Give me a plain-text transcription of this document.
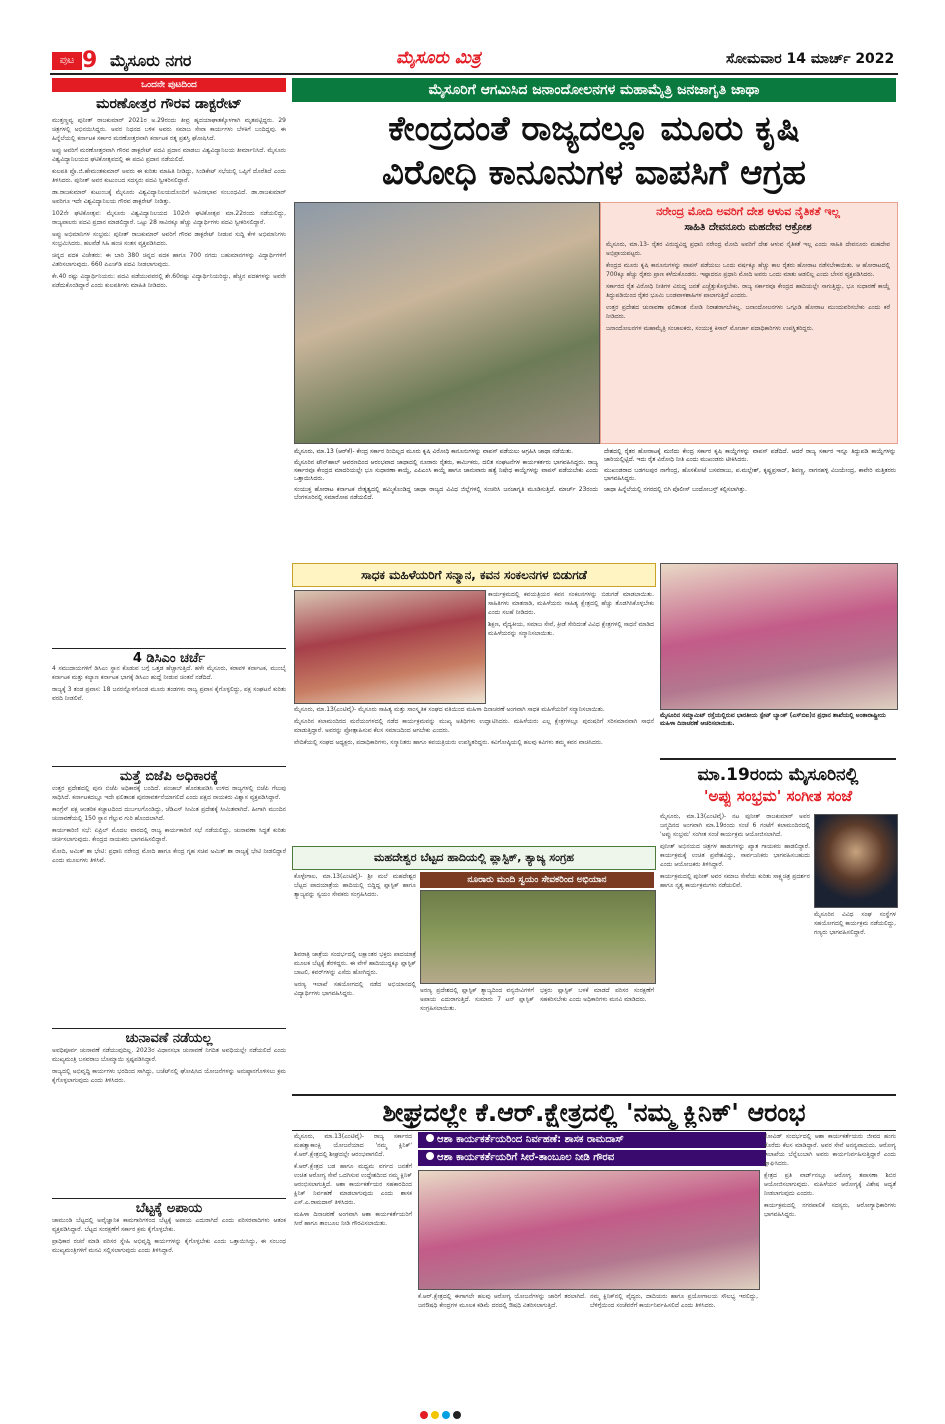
ಪುಟ 9 ಮೈಸೂರು ನಗರ	ಮೈಸೂರು ಮಿತ್ರ	ಸೋಮವಾರ 14 ಮಾರ್ಚ್ 2022
ಒಂದನೇ ಪುಟದಿಂದ
ಮರಣೋತ್ತರ ಗೌರವ ಡಾಕ್ಟರೇಟ್

ಮುತ್ತಣ್ಣವ್ವ ಪುನೀತ್ ರಾಜಕುಮಾರ್ 2021ರ ಅ.29ರಂದು ತೀವ್ರ ಹೃದಯಾಘಾತಕ್ಕೊಳಗಾಗಿ ಮೃತಪಟ್ಟಿದ್ದರು. 29 ಚಿತ್ರಗಳಲ್ಲಿ ಅಭಿನಯಿಸಿದ್ದರು. ಅವರ ನಿಧನದ ಬಳಿಕ ಅವರು ಸಮಾಜ ಸೇವಾ ಕಾರ್ಯಗಳು ಬೆಳಕಿಗೆ ಬಂದಿದ್ದವು. ಈ ಹಿನ್ನೆಲೆಯಲ್ಲಿ ಕರ್ನಾಟಕ ಸರ್ಕಾರ ಮರಣೋತ್ತರವಾಗಿ ಕರ್ನಾಟಕ ರತ್ನ ಪ್ರಶಸ್ತಿ ಘೋಷಿಸಿದೆ.

ಅಪ್ಪು ಅವರಿಗೆ ಮರಣೋತ್ತರವಾಗಿ ಗೌರವ ಡಾಕ್ಟರೇಟ್ ಪದವಿ ಪ್ರದಾನ ಮಾಡಲು ವಿಶ್ವವಿದ್ಯಾನಿಲಯ ತೀರ್ಮಾನಿಸಿದೆ. ಮೈಸೂರು ವಿಶ್ವವಿದ್ಯಾನಿಲಯದ ಘಟಿಕೋತ್ಸವದಲ್ಲಿ ಈ ಪದವಿ ಪ್ರದಾನ ನಡೆಯಲಿದೆ.

ಕುಲಪತಿ ಪ್ರೊ.ಜಿ.ಹೇಮಂತಕುಮಾರ್ ಅವರು ಈ ಕುರಿತು ಮಾಹಿತಿ ನೀಡಿದ್ದು, ಸಿಂಡಿಕೇಟ್ ಸಭೆಯಲ್ಲಿ ಒಪ್ಪಿಗೆ ದೊರೆತಿದೆ ಎಂದು ತಿಳಿಸಿದರು. ಪುನೀತ್ ಅವರ ಕುಟುಂಬದ ಸದಸ್ಯರು ಪದವಿ ಸ್ವೀಕರಿಸಲಿದ್ದಾರೆ.

ಡಾ.ರಾಜಕುಮಾರ್ ಕುಟುಂಬಕ್ಕೆ ಮೈಸೂರು ವಿಶ್ವವಿದ್ಯಾನಿಲಯದೊಂದಿಗೆ ಅವಿನಾಭಾವ ಸಂಬಂಧವಿದೆ. ಡಾ.ರಾಜಕುಮಾರ್ ಅವರಿಗೂ ಇದೇ ವಿಶ್ವವಿದ್ಯಾನಿಲಯ ಗೌರವ ಡಾಕ್ಟರೇಟ್ ನೀಡಿತ್ತು.

102ನೇ ಘಟಿಕೋತ್ಸವ: ಮೈಸೂರು ವಿಶ್ವವಿದ್ಯಾನಿಲಯದ 102ನೇ ಘಟಿಕೋತ್ಸವ ಮಾ.22ರಂದು ನಡೆಯಲಿದ್ದು, ರಾಜ್ಯಪಾಲರು ಪದವಿ ಪ್ರದಾನ ಮಾಡಲಿದ್ದಾರೆ. ಒಟ್ಟು 28 ಸಾವಿರಕ್ಕೂ ಹೆಚ್ಚು ವಿದ್ಯಾರ್ಥಿಗಳು ಪದವಿ ಸ್ವೀಕರಿಸಲಿದ್ದಾರೆ.

ಅಪ್ಪು ಅಭಿಮಾನಿಗಳ ಸಂಭ್ರಮ: ಪುನೀತ್ ರಾಜಕುಮಾರ್ ಅವರಿಗೆ ಗೌರವ ಡಾಕ್ಟರೇಟ್ ನೀಡುವ ಸುದ್ದಿ ಕೇಳಿ ಅಭಿಮಾನಿಗಳು ಸಂಭ್ರಮಿಸಿದರು. ಹಲವೆಡೆ ಸಿಹಿ ಹಂಚಿ ಸಂತಸ ವ್ಯಕ್ತಪಡಿಸಿದರು.

ಚಿನ್ನದ ಪದಕ ವಿಜೇತರು: ಈ ಬಾರಿ 380 ಚಿನ್ನದ ಪದಕ ಹಾಗೂ 700 ನಗದು ಬಹುಮಾನಗಳನ್ನು ವಿದ್ಯಾರ್ಥಿಗಳಿಗೆ ವಿತರಿಸಲಾಗುವುದು. 660 ಪಿಎಚ್‌ಡಿ ಪದವಿ ನೀಡಲಾಗುವುದು.

ಕೇ.40 ರಷ್ಟು ವಿದ್ಯಾರ್ಥಿನಿಯರು: ಪದವಿ ಪಡೆಯುವವರಲ್ಲಿ ಶೇ.60ರಷ್ಟು ವಿದ್ಯಾರ್ಥಿನಿಯರಿದ್ದು, ಹೆಚ್ಚಿನ ಪದಕಗಳನ್ನು ಅವರೇ ಪಡೆದುಕೊಂಡಿದ್ದಾರೆ ಎಂದು ಕುಲಪತಿಗಳು ಮಾಹಿತಿ ನೀಡಿದರು.

4 ಡಿಸಿಎಂ ಚರ್ಚೆ

4 ಸಮುದಾಯಗಳಿಗೆ ಡಿಸಿಎಂ ಸ್ಥಾನ ಕೊಡುವ ಬಗ್ಗೆ ಒತ್ತಡ ಹೆಚ್ಚಾಗುತ್ತಿದೆ. ಹಳೇ ಮೈಸೂರು, ಕರಾವಳಿ ಕರ್ನಾಟಕ, ಮುಂಬೈ ಕರ್ನಾಟಕ ಮತ್ತು ಕಲ್ಯಾಣ ಕರ್ನಾಟಕ ಭಾಗಕ್ಕೆ ಡಿಸಿಎಂ ಹುದ್ದೆ ನೀಡುವ ಚಿಂತನೆ ನಡೆದಿದೆ.

ರಾಜ್ಯಕ್ಕೆ 3 ತಂಡ ಪ್ರವಾಸ: 18 ಜನರನ್ನೊಳಗೊಂಡ ಮೂರು ತಂಡಗಳು ರಾಜ್ಯ ಪ್ರವಾಸ ಕೈಗೊಳ್ಳಲಿದ್ದು, ಪಕ್ಷ ಸಂಘಟನೆ ಕುರಿತು ವರದಿ ನೀಡಲಿವೆ.

ಮತ್ತೆ ಬಿಜೆಪಿ ಅಧಿಕಾರಕ್ಕೆ

ಉತ್ತರ ಪ್ರದೇಶದಲ್ಲಿ ಪುನಃ ಬಿಜೆಪಿ ಅಧಿಕಾರಕ್ಕೆ ಬಂದಿದೆ. ಪಂಜಾಬ್ ಹೊರತುಪಡಿಸಿ ಉಳಿದ ರಾಜ್ಯಗಳಲ್ಲಿ ಬಿಜೆಪಿ ಗೆಲುವು ಸಾಧಿಸಿದೆ. ಕರ್ನಾಟಕದಲ್ಲೂ ಇದೇ ಫಲಿತಾಂಶ ಪುನರಾವರ್ತನೆಯಾಗಲಿದೆ ಎಂದು ಪಕ್ಷದ ನಾಯಕರು ವಿಶ್ವಾಸ ವ್ಯಕ್ತಪಡಿಸಿದ್ದಾರೆ.

ಕಾಂಗ್ರೆಸ್ ಪಕ್ಷ ಆಂತರಿಕ ಕಚ್ಚಾಟದಿಂದ ದುರ್ಬಲಗೊಂಡಿದ್ದು, ಜೆಡಿಎಸ್ ಸೀಮಿತ ಪ್ರದೇಶಕ್ಕೆ ಸೀಮಿತವಾಗಿದೆ. ಹೀಗಾಗಿ ಮುಂದಿನ ಚುನಾವಣೆಯಲ್ಲಿ 150 ಸ್ಥಾನ ಗೆಲ್ಲುವ ಗುರಿ ಹೊಂದಲಾಗಿದೆ.

ಕಾರ್ಯಕಾರಿಣಿ ಸಭೆ: ಏಪ್ರಿಲ್ ಮೊದಲ ವಾರದಲ್ಲಿ ರಾಜ್ಯ ಕಾರ್ಯಕಾರಿಣಿ ಸಭೆ ನಡೆಯಲಿದ್ದು, ಚುನಾವಣಾ ಸಿದ್ಧತೆ ಕುರಿತು ಚರ್ಚಿಸಲಾಗುವುದು. ಕೇಂದ್ರದ ನಾಯಕರು ಭಾಗವಹಿಸಲಿದ್ದಾರೆ.

ಮೋದಿ, ಅಮಿತ್ ಶಾ ಭೇಟಿ: ಪ್ರಧಾನಿ ನರೇಂದ್ರ ಮೋದಿ ಹಾಗೂ ಕೇಂದ್ರ ಗೃಹ ಸಚಿವ ಅಮಿತ್ ಶಾ ರಾಜ್ಯಕ್ಕೆ ಭೇಟಿ ನೀಡಲಿದ್ದಾರೆ ಎಂದು ಮೂಲಗಳು ತಿಳಿಸಿವೆ.

ಚುನಾವಣೆ ನಡೆಯಲ್ಲ

ಅವಧಿಪೂರ್ವ ಚುನಾವಣೆ ನಡೆಯುವುದಿಲ್ಲ. 2023ರ ವಿಧಾನಸಭಾ ಚುನಾವಣೆ ನಿಗದಿತ ಅವಧಿಯಲ್ಲೇ ನಡೆಯಲಿದೆ ಎಂದು ಮುಖ್ಯಮಂತ್ರಿ ಬಸವರಾಜ ಬೊಮ್ಮಾಯಿ ಸ್ಪಷ್ಟಪಡಿಸಿದ್ದಾರೆ.

ರಾಜ್ಯದಲ್ಲಿ ಅಭಿವೃದ್ಧಿ ಕಾರ್ಯಗಳು ಭರದಿಂದ ಸಾಗಿದ್ದು, ಬಜೆಟ್‌ನಲ್ಲಿ ಘೋಷಿಸಿದ ಯೋಜನೆಗಳನ್ನು ಅನುಷ್ಠಾನಗೊಳಿಸಲು ಕ್ರಮ ಕೈಗೊಳ್ಳಲಾಗುವುದು ಎಂದು ತಿಳಿಸಿದರು.

ಬೆಟ್ಟಕ್ಕೆ ಅಪಾಯ

ಚಾಮುಂಡಿ ಬೆಟ್ಟದಲ್ಲಿ ಅವೈಜ್ಞಾನಿಕ ಕಾಮಗಾರಿಗಳಿಂದ ಬೆಟ್ಟಕ್ಕೆ ಅಪಾಯ ಎದುರಾಗಿದೆ ಎಂದು ಪರಿಸರವಾದಿಗಳು ಆತಂಕ ವ್ಯಕ್ತಪಡಿಸಿದ್ದಾರೆ. ಬೆಟ್ಟದ ಸಂರಕ್ಷಣೆಗೆ ಸರ್ಕಾರ ಕ್ರಮ ಕೈಗೊಳ್ಳಬೇಕು.

ಪ್ರಾಧಿಕಾರ ರಚನೆ ಮಾಡಿ ಪರಿಸರ ಸ್ನೇಹಿ ಅಭಿವೃದ್ಧಿ ಕಾರ್ಯಗಳನ್ನು ಕೈಗೊಳ್ಳಬೇಕು ಎಂದು ಒತ್ತಾಯಿಸಿದ್ದು, ಈ ಸಂಬಂಧ ಮುಖ್ಯಮಂತ್ರಿಗಳಿಗೆ ಮನವಿ ಸಲ್ಲಿಸಲಾಗುವುದು ಎಂದು ತಿಳಿಸಿದ್ದಾರೆ.

ಮೈಸೂರಿಗೆ ಆಗಮಿಸಿದ ಜನಾಂದೋಲನಗಳ ಮಹಾಮೈತ್ರಿ ಜನಜಾಗೃತಿ ಜಾಥಾ
ಕೇಂದ್ರದಂತೆ ರಾಜ್ಯದಲ್ಲೂ ಮೂರು ಕೃಷಿ
ವಿರೋಧಿ ಕಾನೂನುಗಳ ವಾಪಸಿಗೆ ಆಗ್ರಹ

ಮೈಸೂರು, ಮಾ.13 (ಆರ್‌ಕೆ)- ಕೇಂದ್ರ ಸರ್ಕಾರ ರಿಂದಿಲ್ಲದ ಮೂರು ಕೃಷಿ ವಿರೋಧಿ ಕಾನೂನುಗಳನ್ನು ವಾಪಸ್ ಪಡೆಯಲು ಆಗ್ರಹಿಸಿ ಜಾಥಾ ನಡೆಯಿತು.

ಮೈಸೂರಿನ ಟೌನ್‌ಹಾಲ್ ಆವರಣದಿಂದ ಆರಂಭವಾದ ಜಾಥಾದಲ್ಲಿ ನೂರಾರು ರೈತರು, ಕಾರ್ಮಿಕರು, ದಲಿತ ಸಂಘಟನೆಗಳ ಕಾರ್ಯಕರ್ತರು ಭಾಗವಹಿಸಿದ್ದರು. ರಾಜ್ಯ ಸರ್ಕಾರವೂ ಕೇಂದ್ರದ ಮಾದರಿಯಲ್ಲೇ ಭೂ ಸುಧಾರಣಾ ಕಾಯ್ದೆ, ಎಪಿಎಂಸಿ ಕಾಯ್ದೆ ಹಾಗೂ ಜಾನುವಾರು ಹತ್ಯೆ ನಿಷೇಧ ಕಾಯ್ದೆಗಳನ್ನು ವಾಪಸ್ ಪಡೆಯಬೇಕು ಎಂದು ಒತ್ತಾಯಿಸಿದರು.

ಸಂಯುಕ್ತ ಹೋರಾಟ ಕರ್ನಾಟಕ ನೇತೃತ್ವದಲ್ಲಿ ಹಮ್ಮಿಕೊಂಡಿದ್ದ ಜಾಥಾ ರಾಜ್ಯದ ವಿವಿಧ ಜಿಲ್ಲೆಗಳಲ್ಲಿ ಸಂಚರಿಸಿ ಜನಜಾಗೃತಿ ಮೂಡಿಸುತ್ತಿದೆ. ಮಾರ್ಚ್ 23ರಂದು ಬೆಂಗಳೂರಿನಲ್ಲಿ ಸಮಾರೋಪ ನಡೆಯಲಿದೆ.

ದೇಶದಲ್ಲಿ ರೈತರ ಹೋರಾಟಕ್ಕೆ ಮಣಿದು ಕೇಂದ್ರ ಸರ್ಕಾರ ಕೃಷಿ ಕಾಯ್ದೆಗಳನ್ನು ವಾಪಸ್ ಪಡೆದಿದೆ. ಆದರೆ ರಾಜ್ಯ ಸರ್ಕಾರ ಇನ್ನೂ ತಿದ್ದುಪಡಿ ಕಾಯ್ದೆಗಳನ್ನು ಜಾರಿಯಲ್ಲಿಟ್ಟಿದೆ. ಇದು ರೈತ ವಿರೋಧಿ ನೀತಿ ಎಂದು ಮುಖಂಡರು ಟೀಕಿಸಿದರು.

ಮುಖಂಡರಾದ ಬಡಗಲಪುರ ನಾಗೇಂದ್ರ, ಹೊಸಕೋಟೆ ಬಸವರಾಜು, ಪ.ಮಲ್ಲೇಶ್, ಕೃಷ್ಣಪ್ರಸಾದ್, ಶಿವಣ್ಣ, ನಾಗನಹಳ್ಳಿ ವಿಜಯೇಂದ್ರ, ಕಾವೇರಿ ಮತ್ತಿತರರು ಭಾಗವಹಿಸಿದ್ದರು.

ಜಾಥಾ ಹಿನ್ನೆಲೆಯಲ್ಲಿ ನಗರದಲ್ಲಿ ಬಿಗಿ ಪೊಲೀಸ್ ಬಂದೋಬಸ್ತ್ ಕಲ್ಪಿಸಲಾಗಿತ್ತು.

ನರೇಂದ್ರ ಮೋದಿ ಅವರಿಗೆ ದೇಶ ಆಳುವ ನೈತಿಕತೆ ಇಲ್ಲ
ಸಾಹಿತಿ ದೇವನೂರು ಮಹದೇವ ಆಕ್ರೋಶ

ಮೈಸೂರು, ಮಾ.13- ರೈತರ ವಿರುದ್ಧವಿದ್ದ ಪ್ರಧಾನಿ ನರೇಂದ್ರ ಮೋದಿ ಅವರಿಗೆ ದೇಶ ಆಳುವ ನೈತಿಕತೆ ಇಲ್ಲ ಎಂದು ಸಾಹಿತಿ ದೇವನೂರು ಮಹದೇವ ಅಭಿಪ್ರಾಯಪಟ್ಟರು.

ಕೇಂದ್ರದ ಮೂರು ಕೃಷಿ ಕಾನೂನುಗಳನ್ನು ವಾಪಸ್ ಪಡೆಯಲು ಒಂದು ವರ್ಷಕ್ಕೂ ಹೆಚ್ಚು ಕಾಲ ರೈತರು ಹೋರಾಟ ನಡೆಸಬೇಕಾಯಿತು. ಆ ಹೋರಾಟದಲ್ಲಿ 700ಕ್ಕೂ ಹೆಚ್ಚು ರೈತರು ಪ್ರಾಣ ಕಳೆದುಕೊಂಡರು. ಇಷ್ಟಾದರೂ ಪ್ರಧಾನಿ ಮೋದಿ ಅವರು ಒಂದು ಮಾತು ಆಡಲಿಲ್ಲ ಎಂದು ಬೇಸರ ವ್ಯಕ್ತಪಡಿಸಿದರು.

ಸರ್ಕಾರದ ರೈತ ವಿರೋಧಿ ನೀತಿಗಳ ವಿರುದ್ಧ ಜನತೆ ಎಚ್ಚೆತ್ತುಕೊಳ್ಳಬೇಕು. ರಾಜ್ಯ ಸರ್ಕಾರವೂ ಕೇಂದ್ರದ ಹಾದಿಯಲ್ಲೇ ಸಾಗುತ್ತಿದ್ದು, ಭೂ ಸುಧಾರಣೆ ಕಾಯ್ದೆ ತಿದ್ದುಪಡಿಯಿಂದ ರೈತರ ಭೂಮಿ ಬಂಡವಾಳಶಾಹಿಗಳ ಪಾಲಾಗುತ್ತಿದೆ ಎಂದರು.

ಉತ್ತರ ಪ್ರದೇಶದ ಚುನಾವಣಾ ಫಲಿತಾಂಶ ನೋಡಿ ನಿರಾಶರಾಗಬೇಕಿಲ್ಲ. ಜನಾಂದೋಲನಗಳು ಒಗ್ಗೂಡಿ ಹೋರಾಟ ಮುಂದುವರಿಸಬೇಕು ಎಂದು ಕರೆ ನೀಡಿದರು.

ಜನಾಂದೋಲನಗಳ ಮಹಾಮೈತ್ರಿ ಸಂಚಾಲಕರು, ಸಂಯುಕ್ತ ಕಿಸಾನ್ ಮೋರ್ಚಾ ಪದಾಧಿಕಾರಿಗಳು ಉಪಸ್ಥಿತರಿದ್ದರು.

ಸಾಧಕ ಮಹಿಳೆಯರಿಗೆ ಸನ್ಮಾನ, ಕವನ ಸಂಕಲನಗಳ ಬಿಡುಗಡೆ

ಕಾರ್ಯಕ್ರಮದಲ್ಲಿ ಕವಯತ್ರಿಯರ ಕವನ ಸಂಕಲನಗಳನ್ನು ಬಿಡುಗಡೆ ಮಾಡಲಾಯಿತು. ಸಾಹಿತಿಗಳು ಮಾತನಾಡಿ, ಮಹಿಳೆಯರು ಸಾಹಿತ್ಯ ಕ್ಷೇತ್ರದಲ್ಲಿ ಹೆಚ್ಚು ತೊಡಗಿಸಿಕೊಳ್ಳಬೇಕು ಎಂದು ಸಲಹೆ ನೀಡಿದರು.

ಶಿಕ್ಷಣ, ವೈದ್ಯಕೀಯ, ಸಮಾಜ ಸೇವೆ, ಕ್ರೀಡೆ ಸೇರಿದಂತೆ ವಿವಿಧ ಕ್ಷೇತ್ರಗಳಲ್ಲಿ ಸಾಧನೆ ಮಾಡಿದ ಮಹಿಳೆಯರನ್ನು ಸನ್ಮಾನಿಸಲಾಯಿತು.

ಮೈಸೂರು, ಮಾ.13(ಎಂಟಿವೈ)- ಮೈಸೂರು ಸಾಹಿತ್ಯ ಮತ್ತು ಸಾಂಸ್ಕೃತಿಕ ಸಂಘದ ವತಿಯಿಂದ ಮಹಿಳಾ ದಿನಾಚರಣೆ ಅಂಗವಾಗಿ ಸಾಧಕ ಮಹಿಳೆಯರಿಗೆ ಸನ್ಮಾನಿಸಲಾಯಿತು.

ಮೈಸೂರಿನ ಕಲಾಮಂದಿರದ ಮನೆಯಂಗಳದಲ್ಲಿ ನಡೆದ ಕಾರ್ಯಕ್ರಮವನ್ನು ಮುಖ್ಯ ಅತಿಥಿಗಳು ಉದ್ಘಾಟಿಸಿದರು. ಮಹಿಳೆಯರು ಎಲ್ಲ ಕ್ಷೇತ್ರಗಳಲ್ಲೂ ಪುರುಷರಿಗೆ ಸರಿಸಮಾನವಾಗಿ ಸಾಧನೆ ಮಾಡುತ್ತಿದ್ದಾರೆ. ಅವರನ್ನು ಪ್ರೋತ್ಸಾಹಿಸುವ ಕೆಲಸ ಸಮಾಜದಿಂದ ಆಗಬೇಕು ಎಂದರು.

ವೇದಿಕೆಯಲ್ಲಿ ಸಂಘದ ಅಧ್ಯಕ್ಷರು, ಪದಾಧಿಕಾರಿಗಳು, ಸನ್ಮಾನಿತರು ಹಾಗೂ ಕವಯತ್ರಿಯರು ಉಪಸ್ಥಿತರಿದ್ದರು. ಕವಿಗೋಷ್ಠಿಯಲ್ಲಿ ಹಲವು ಕವಿಗಳು ತಮ್ಮ ಕವನ ವಾಚಿಸಿದರು.

ಮೈಸೂರಿನ ಸಮ್ಮಾಮಿಟ್ ರಸ್ತೆಯಲ್ಲಿರುವ ಭಾರತೀಯ ಸ್ಟೇಟ್ ಬ್ಯಾಂಕ್ (ಎಸ್‌ಬಿಐ)ನ ಪ್ರಧಾನ ಶಾಖೆಯಲ್ಲಿ ಅಂತಾರಾಷ್ಟ್ರೀಯ ಮಹಿಳಾ ದಿನಾಚರಣೆ ಆಚರಿಸಲಾಯಿತು.
ಮಾ.19ರಂದು ಮೈಸೂರಿನಲ್ಲಿ
'ಅಪ್ಪು ಸಂಭ್ರಮ' ಸಂಗೀತ ಸಂಜೆ

ಮೈಸೂರು, ಮಾ.13(ಎಂಟಿವೈ)- ನಟ ಪುನೀತ್ ರಾಜಕುಮಾರ್ ಅವರ ಜನ್ಮದಿನದ ಅಂಗವಾಗಿ ಮಾ.19ರಂದು ಸಂಜೆ 6 ಗಂಟೆಗೆ ಕಲಾಮಂದಿರದಲ್ಲಿ 'ಅಪ್ಪು ಸಂಭ್ರಮ' ಸಂಗೀತ ಸಂಜೆ ಕಾರ್ಯಕ್ರಮ ಆಯೋಜಿಸಲಾಗಿದೆ.

ಪುನೀತ್ ಅಭಿನಯದ ಚಿತ್ರಗಳ ಹಾಡುಗಳನ್ನು ಖ್ಯಾತ ಗಾಯಕರು ಹಾಡಲಿದ್ದಾರೆ. ಕಾರ್ಯಕ್ರಮಕ್ಕೆ ಉಚಿತ ಪ್ರವೇಶವಿದ್ದು, ಸಾರ್ವಜನಿಕರು ಭಾಗವಹಿಸಬಹುದು ಎಂದು ಆಯೋಜಕರು ತಿಳಿಸಿದ್ದಾರೆ.

ಕಾರ್ಯಕ್ರಮದಲ್ಲಿ ಪುನೀತ್ ಅವರ ಸಮಾಜ ಸೇವೆಯ ಕುರಿತು ಸಾಕ್ಷ್ಯಚಿತ್ರ ಪ್ರದರ್ಶನ ಹಾಗೂ ನೃತ್ಯ ಕಾರ್ಯಕ್ರಮಗಳು ನಡೆಯಲಿವೆ.

ಮೈಸೂರಿನ ವಿವಿಧ ಸಂಘ ಸಂಸ್ಥೆಗಳ ಸಹಯೋಗದಲ್ಲಿ ಕಾರ್ಯಕ್ರಮ ನಡೆಯಲಿದ್ದು, ಗಣ್ಯರು ಭಾಗವಹಿಸಲಿದ್ದಾರೆ.

ಮಹದೇಶ್ವರ ಬೆಟ್ಟದ ಹಾದಿಯಲ್ಲಿ ಪ್ಲಾಸ್ಟಿಕ್, ತ್ಯಾಜ್ಯ ಸಂಗ್ರಹ
ನೂರಾರು ಮಂದಿ ಸ್ವಯಂ ಸೇವಕರಿಂದ ಅಭಿಯಾನ

ಕೊಳ್ಳೇಗಾಲ, ಮಾ.13(ಎಂಟಿವೈ)- ಶ್ರೀ ಮಲೆ ಮಹದೇಶ್ವರ ಬೆಟ್ಟದ ಪಾದಯಾತ್ರೆಯ ಹಾದಿಯಲ್ಲಿ ಬಿದ್ದಿದ್ದ ಪ್ಲಾಸ್ಟಿಕ್ ಹಾಗೂ ತ್ಯಾಜ್ಯವನ್ನು ಸ್ವಯಂ ಸೇವಕರು ಸಂಗ್ರಹಿಸಿದರು.

ಶಿವರಾತ್ರಿ ಜಾತ್ರೆಯ ಸಂದರ್ಭದಲ್ಲಿ ಲಕ್ಷಾಂತರ ಭಕ್ತರು ಪಾದಯಾತ್ರೆ ಮೂಲಕ ಬೆಟ್ಟಕ್ಕೆ ತೆರಳಿದ್ದರು. ಈ ವೇಳೆ ಹಾದಿಯುದ್ದಕ್ಕೂ ಪ್ಲಾಸ್ಟಿಕ್ ಬಾಟಲಿ, ಕವರ್‌ಗಳನ್ನು ಎಸೆದು ಹೋಗಿದ್ದರು.

ಅರಣ್ಯ ಇಲಾಖೆ ಸಹಯೋಗದಲ್ಲಿ ನಡೆದ ಅಭಿಯಾನದಲ್ಲಿ ವಿದ್ಯಾರ್ಥಿಗಳು ಭಾಗವಹಿಸಿದ್ದರು.	ಅರಣ್ಯ ಪ್ರದೇಶದಲ್ಲಿ ಪ್ಲಾಸ್ಟಿಕ್ ತ್ಯಾಜ್ಯದಿಂದ ವನ್ಯಜೀವಿಗಳಿಗೆ ಅಪಾಯ ಎದುರಾಗುತ್ತಿದೆ. ಸುಮಾರು 7 ಟನ್ ಪ್ಲಾಸ್ಟಿಕ್ ಸಂಗ್ರಹಿಸಲಾಯಿತು.

ಭಕ್ತರು ಪ್ಲಾಸ್ಟಿಕ್ ಬಳಕೆ ಮಾಡದೆ ಪರಿಸರ ಸಂರಕ್ಷಣೆಗೆ ಸಹಕರಿಸಬೇಕು ಎಂದು ಅಧಿಕಾರಿಗಳು ಮನವಿ ಮಾಡಿದರು.

ಶೀಘ್ರದಲ್ಲೇ ಕೆ.ಆರ್.ಕ್ಷೇತ್ರದಲ್ಲಿ 'ನಮ್ಮ ಕ್ಲಿನಿಕ್' ಆರಂಭ
ಆಶಾ ಕಾರ್ಯಕರ್ತೆಯರಿಂದ ನಿರ್ವಹಣೆ: ಶಾಸಕ ರಾಮದಾಸ್
ಆಶಾ ಕಾರ್ಯಕರ್ತೆಯರಿಗೆ ಸೀರೆ-ತಾಂಬೂಲ ನೀಡಿ ಗೌರವ

ಮೈಸೂರು, ಮಾ.13(ಎಂಟಿವೈ)- ರಾಜ್ಯ ಸರ್ಕಾರದ ಮಹತ್ವಾಕಾಂಕ್ಷಿ ಯೋಜನೆಯಾದ 'ನಮ್ಮ ಕ್ಲಿನಿಕ್' ಕೆ.ಆರ್.ಕ್ಷೇತ್ರದಲ್ಲಿ ಶೀಘ್ರದಲ್ಲೇ ಆರಂಭವಾಗಲಿದೆ.

ಕೆ.ಆರ್.ಕ್ಷೇತ್ರದ ಬಡ ಹಾಗೂ ಮಧ್ಯಮ ವರ್ಗದ ಜನತೆಗೆ ಉಚಿತ ಆರೋಗ್ಯ ಸೇವೆ ಒದಗಿಸುವ ಉದ್ದೇಶದಿಂದ ನಮ್ಮ ಕ್ಲಿನಿಕ್ ಆರಂಭಿಸಲಾಗುತ್ತಿದೆ. ಆಶಾ ಕಾರ್ಯಕರ್ತೆಯರ ಸಹಕಾರದಿಂದ ಕ್ಲಿನಿಕ್ ನಿರ್ವಹಣೆ ಮಾಡಲಾಗುವುದು ಎಂದು ಶಾಸಕ ಎಸ್.ಎ.ರಾಮದಾಸ್ ತಿಳಿಸಿದರು.

ಮಹಿಳಾ ದಿನಾಚರಣೆ ಅಂಗವಾಗಿ ಆಶಾ ಕಾರ್ಯಕರ್ತೆಯರಿಗೆ ಸೀರೆ ಹಾಗೂ ತಾಂಬೂಲ ನೀಡಿ ಗೌರವಿಸಲಾಯಿತು.

ಕೋವಿಡ್ ಸಂದರ್ಭದಲ್ಲಿ ಆಶಾ ಕಾರ್ಯಕರ್ತೆಯರು ಜೀವದ ಹಂಗು ತೊರೆದು ಕೆಲಸ ಮಾಡಿದ್ದಾರೆ. ಅವರ ಸೇವೆ ಅನನ್ಯವಾದುದು. ಆರೋಗ್ಯ ಇಲಾಖೆಯ ಬೆನ್ನೆಲುಬಾಗಿ ಅವರು ಕಾರ್ಯನಿರ್ವಹಿಸುತ್ತಿದ್ದಾರೆ ಎಂದು ಶ್ಲಾಘಿಸಿದರು.

ಕ್ಷೇತ್ರದ ಪ್ರತಿ ವಾರ್ಡ್‌ನಲ್ಲೂ ಆರೋಗ್ಯ ತಪಾಸಣಾ ಶಿಬಿರ ಆಯೋಜಿಸಲಾಗುವುದು. ಮಹಿಳೆಯರ ಆರೋಗ್ಯಕ್ಕೆ ವಿಶೇಷ ಆದ್ಯತೆ ನೀಡಲಾಗುವುದು ಎಂದರು.

ಕಾರ್ಯಕ್ರಮದಲ್ಲಿ ನಗರಪಾಲಿಕೆ ಸದಸ್ಯರು, ಆರೋಗ್ಯಾಧಿಕಾರಿಗಳು ಭಾಗವಹಿಸಿದ್ದರು.

ಕೆ.ಆರ್.ಕ್ಷೇತ್ರದಲ್ಲಿ ಈಗಾಗಲೇ ಹಲವು ಆರೋಗ್ಯ ಯೋಜನೆಗಳನ್ನು ಜಾರಿಗೆ ತರಲಾಗಿದೆ. ಜನಔಷಧಿ ಕೇಂದ್ರಗಳ ಮೂಲಕ ಕಡಿಮೆ ದರದಲ್ಲಿ ಔಷಧಿ ವಿತರಿಸಲಾಗುತ್ತಿದೆ.

ನಮ್ಮ ಕ್ಲಿನಿಕ್‌ನಲ್ಲಿ ವೈದ್ಯರು, ದಾದಿಯರು ಹಾಗೂ ಪ್ರಯೋಗಾಲಯ ಸೌಲಭ್ಯ ಇರಲಿದ್ದು, ಬೆಳಿಗ್ಗೆಯಿಂದ ಸಂಜೆವರೆಗೆ ಕಾರ್ಯನಿರ್ವಹಿಸಲಿದೆ ಎಂದು ತಿಳಿಸಿದರು.
